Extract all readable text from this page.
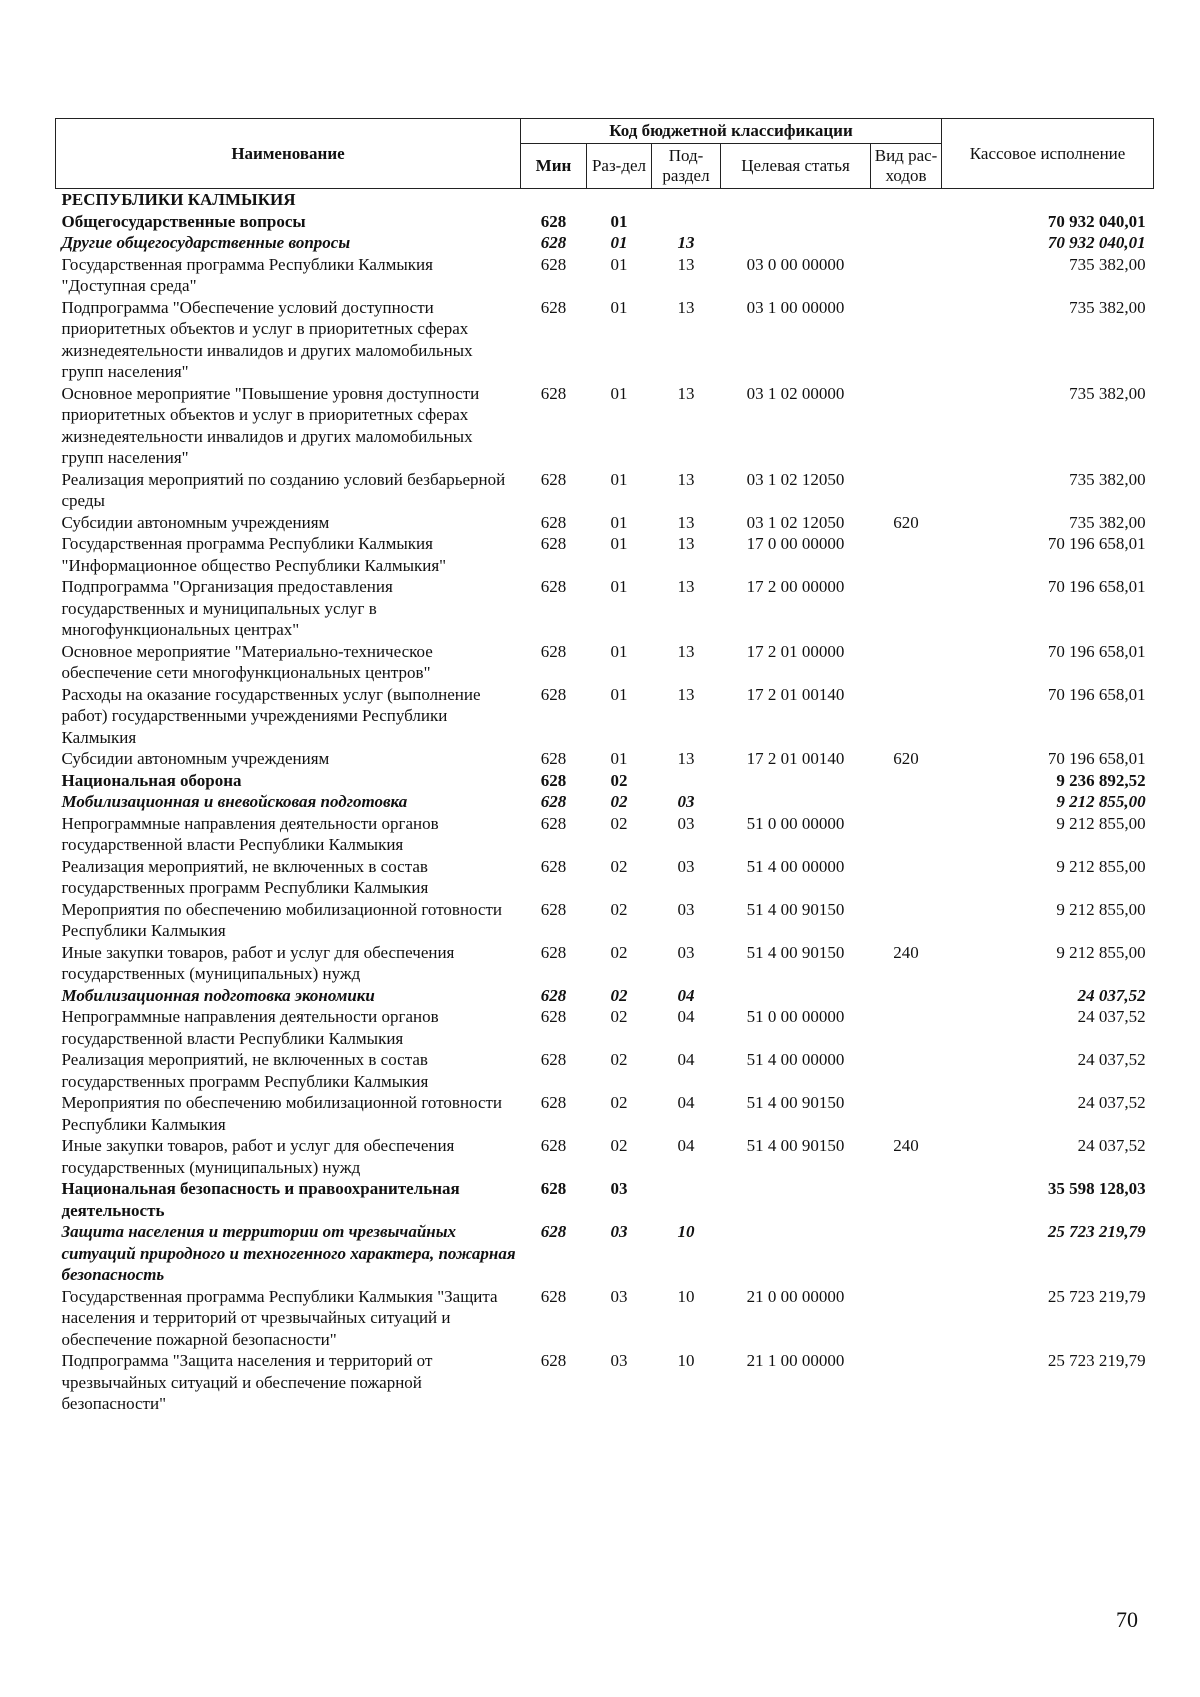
Наименование	Код бюджетной классификации					Кассовое исполнение
	Мин	Раз-дел	Под-раздел	Целевая статья	Вид рас-ходов	
РЕСПУБЛИКИ КАЛМЫКИЯ						
Общегосударственные вопросы	628	01				70 932 040,01
Другие общегосударственные вопросы	628	01	13			70 932 040,01
Государственная программа Республики Калмыкия "Доступная среда"	628	01	13	03 0 00 00000		735 382,00
Подпрограмма "Обеспечение условий доступности приоритетных объектов и услуг в приоритетных сферах жизнедеятельности инвалидов и других маломобильных групп населения"	628	01	13	03 1 00 00000		735 382,00
Основное мероприятие "Повышение уровня доступности приоритетных объектов и услуг в приоритетных сферах жизнедеятельности инвалидов и других маломобильных групп населения"	628	01	13	03 1 02 00000		735 382,00
Реализация мероприятий по созданию условий безбарьерной среды	628	01	13	03 1 02 12050		735 382,00
Субсидии автономным учреждениям	628	01	13	03 1 02 12050	620	735 382,00
Государственная программа Республики Калмыкия "Информационное общество Республики Калмыкия"	628	01	13	17 0 00 00000		70 196 658,01
Подпрограмма "Организация предоставления государственных и муниципальных услуг в многофункциональных центрах"	628	01	13	17 2 00 00000		70 196 658,01
Основное мероприятие "Материально-техническое обеспечение сети многофункциональных центров"	628	01	13	17 2 01 00000		70 196 658,01
Расходы на оказание государственных услуг (выполнение работ) государственными учреждениями Республики Калмыкия	628	01	13	17 2 01 00140		70 196 658,01
Субсидии автономным учреждениям	628	01	13	17 2 01 00140	620	70 196 658,01
Национальная оборона	628	02				9 236 892,52
Мобилизационная и вневойсковая подготовка	628	02	03			9 212 855,00
Непрограммные направления деятельности органов государственной власти Республики Калмыкия	628	02	03	51 0 00 00000		9 212 855,00
Реализация мероприятий, не включенных в состав государственных программ Республики Калмыкия	628	02	03	51 4 00 00000		9 212 855,00
Мероприятия по обеспечению мобилизационной готовности Республики Калмыкия	628	02	03	51 4 00 90150		9 212 855,00
Иные закупки товаров, работ и услуг для обеспечения государственных (муниципальных) нужд	628	02	03	51 4 00 90150	240	9 212 855,00
Мобилизационная подготовка экономики	628	02	04			24 037,52
Непрограммные направления деятельности органов государственной власти Республики Калмыкия	628	02	04	51 0 00 00000		24 037,52
Реализация мероприятий, не включенных в состав государственных программ Республики Калмыкия	628	02	04	51 4 00 00000		24 037,52
Мероприятия по обеспечению мобилизационной готовности Республики Калмыкия	628	02	04	51 4 00 90150		24 037,52
Иные закупки товаров, работ и услуг для обеспечения государственных (муниципальных) нужд	628	02	04	51 4 00 90150	240	24 037,52
Национальная безопасность и правоохранительная деятельность	628	03				35 598 128,03
Защита населения и территории от чрезвычайных ситуаций природного и техногенного характера, пожарная безопасность	628	03	10			25 723 219,79
Государственная программа Республики Калмыкия "Защита населения и территорий от чрезвычайных ситуаций и обеспечение пожарной безопасности"	628	03	10	21 0 00 00000		25 723 219,79
Подпрограмма "Защита населения и территорий от чрезвычайных ситуаций и обеспечение пожарной безопасности"	628	03	10	21 1 00 00000		25 723 219,79
70
